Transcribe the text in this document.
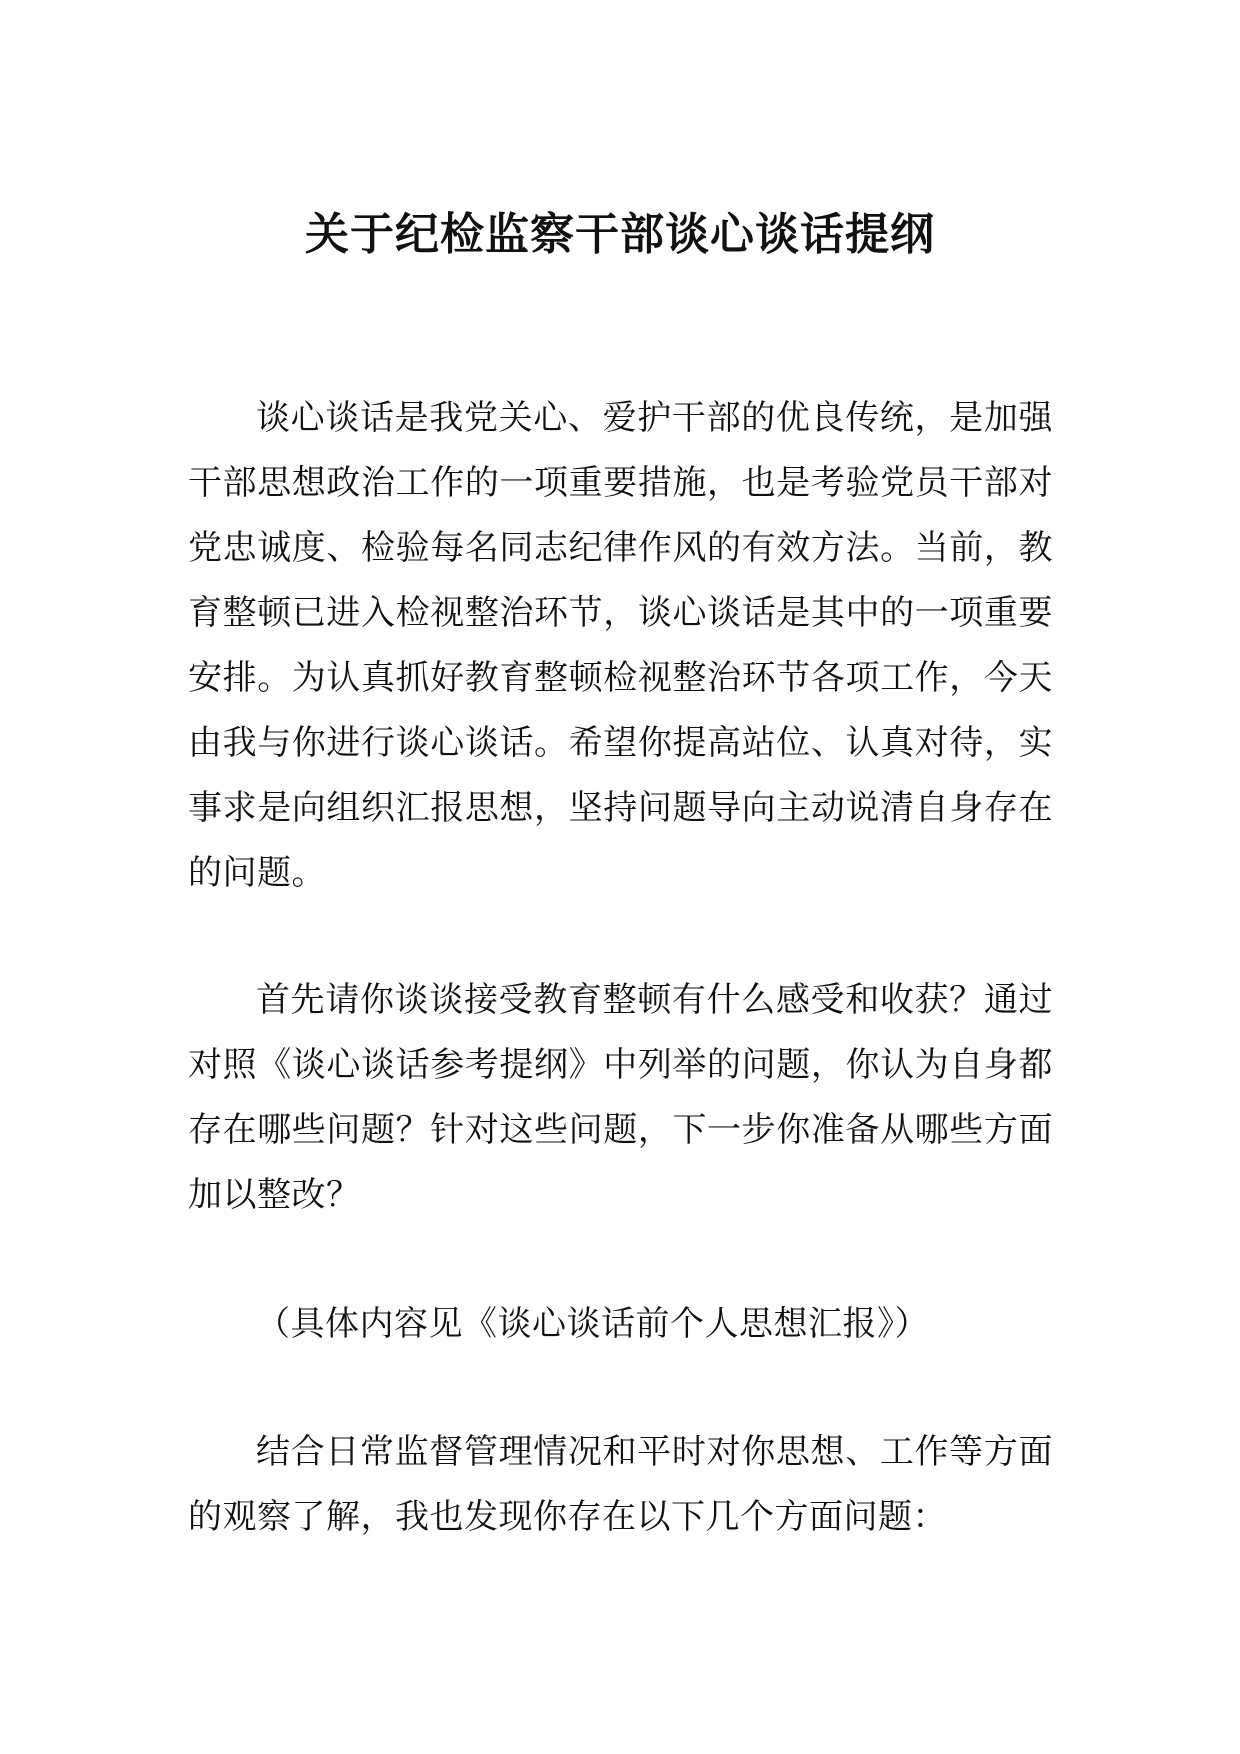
关于纪检监察干部谈心谈话提纲

谈心谈话是我党关心、爱护干部的优良传统，是加强干部思想政治工作的一项重要措施，也是考验党员干部对党忠诚度、检验每名同志纪律作风的有效方法。当前，教育整顿已进入检视整治环节，谈心谈话是其中的一项重要安排。为认真抓好教育整顿检视整治环节各项工作，今天由我与你进行谈心谈话。希望你提高站位、认真对待，实事求是向组织汇报思想，坚持问题导向主动说清自身存在的问题。

首先请你谈谈接受教育整顿有什么感受和收获？通过对照《谈心谈话参考提纲》中列举的问题，你认为自身都存在哪些问题？针对这些问题，下一步你准备从哪些方面加以整改？

（具体内容见《谈心谈话前个人思想汇报》）

结合日常监督管理情况和平时对你思想、工作等方面的观察了解，我也发现你存在以下几个方面问题：
